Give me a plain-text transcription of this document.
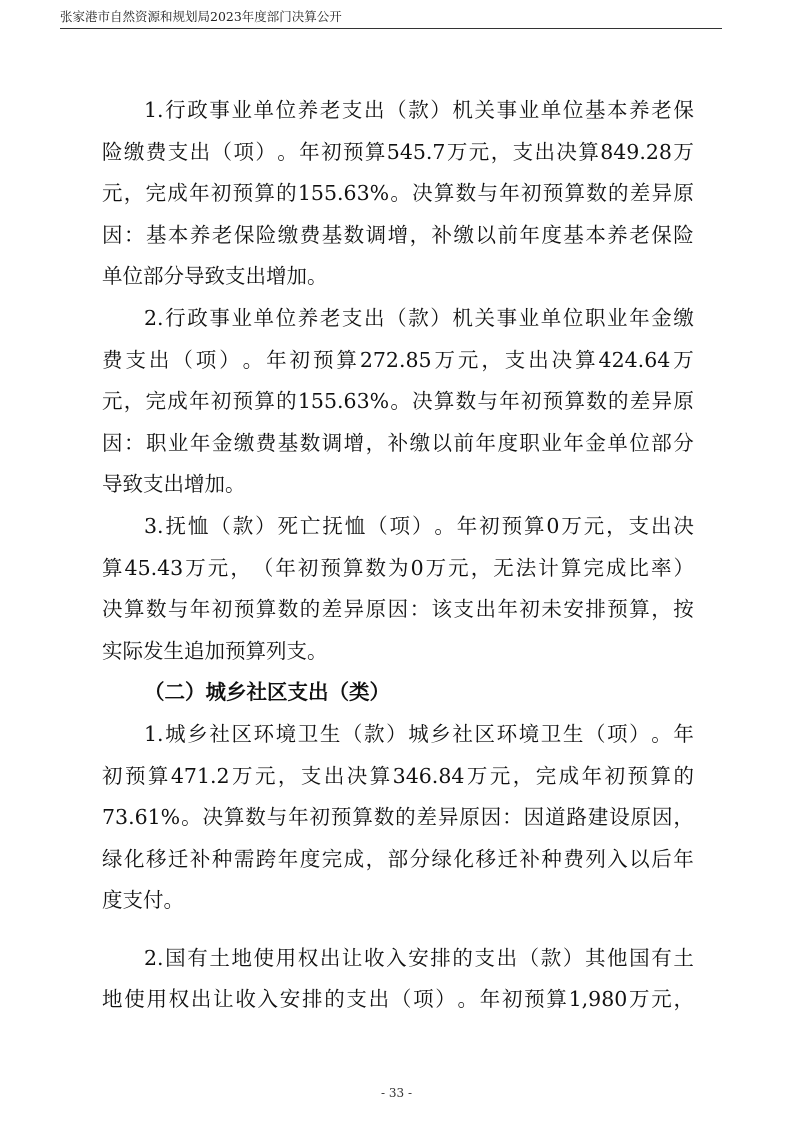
张家港市自然资源和规划局2023年度部门决算公开
1. 行 政 事 业 单 位 养 老 支 出 （ 款 ） 机 关 事 业 单 位 基 本 养 老 保
险 缴 费 支 出 （ 项 ） 。 年 初 预 算 545.7 万 元 ， 支 出 决 算 849.28 万
元 ， 完 成 年 初 预 算 的 155.63% 。 决 算 数 与 年 初 预 算 数 的 差 异 原
因 ： 基 本 养 老 保 险 缴 费 基 数 调 增 ， 补 缴 以 前 年 度 基 本 养 老 保 险
单位部分导致支出增加。
2. 行 政 事 业 单 位 养 老 支 出 （ 款 ） 机 关 事 业 单 位 职 业 年 金 缴
费 支 出 （ 项 ） 。 年 初 预 算 272.85 万 元 ， 支 出 决 算 424.64 万
元 ， 完 成 年 初 预 算 的 155.63% 。 决 算 数 与 年 初 预 算 数 的 差 异 原
因 ： 职 业 年 金 缴 费 基 数 调 增 ， 补 缴 以 前 年 度 职 业 年 金 单 位 部 分
导致支出增加。
3. 抚 恤 （ 款 ） 死 亡 抚 恤 （ 项 ） 。 年 初 预 算 0 万 元 ， 支 出 决
算 45.43 万 元 ， （ 年 初 预 算 数 为 0 万 元 ， 无 法 计 算 完 成 比 率 ）
决 算 数 与 年 初 预 算 数 的 差 异 原 因 ： 该 支 出 年 初 未 安 排 预 算 ， 按
实际发生追加预算列支。
（二）城乡社区支出（类）
1. 城 乡 社 区 环 境 卫 生 （ 款 ） 城 乡 社 区 环 境 卫 生 （ 项 ） 。 年
初 预 算 471.2 万 元 ， 支 出 决 算 346.84 万 元 ， 完 成 年 初 预 算 的
73.61% 。 决 算 数 与 年 初 预 算 数 的 差 异 原 因 ： 因 道 路 建 设 原 因 ，
绿 化 移 迁 补 种 需 跨 年 度 完 成 ， 部 分 绿 化 移 迁 补 种 费 列 入 以 后 年
度支付。
2. 国 有 土 地 使 用 权 出 让 收 入 安 排 的 支 出 （ 款 ） 其 他 国 有 土
地 使 用 权 出 让 收 入 安 排 的 支 出 （ 项 ） 。 年 初 预 算 1,980 万 元 ，
- 33 -
